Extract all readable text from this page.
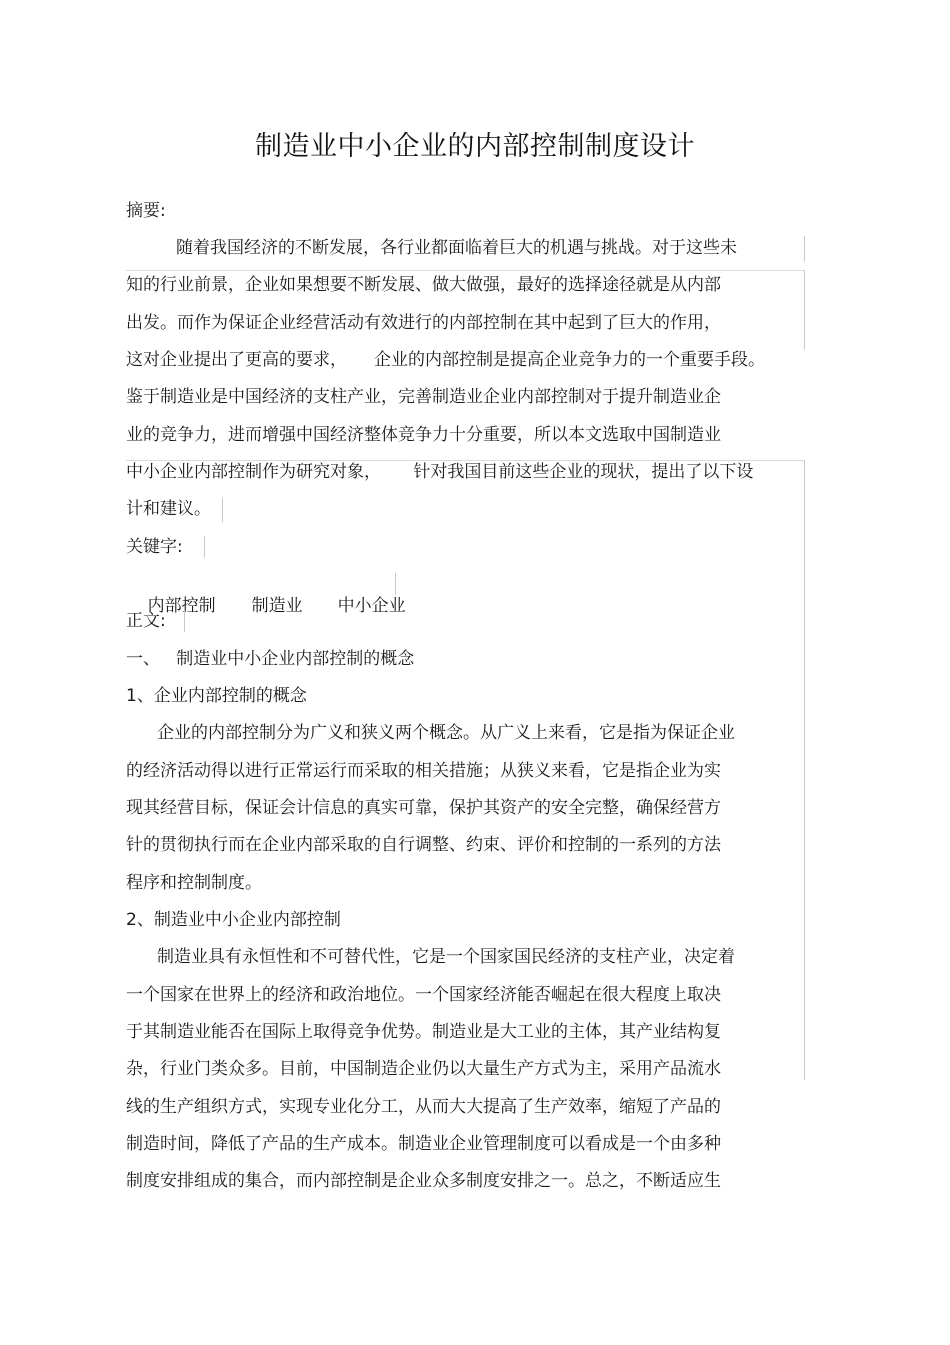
制造业中小企业的内部控制制度设计
摘要:
随着我国经济的不断发展，各行业都面临着巨大的机遇与挑战。对于这些未
知的行业前景，企业如果想要不断发展、做大做强，最好的选择途径就是从内部
出发。而作为保证企业经营活动有效进行的内部控制在其中起到了巨大的作用，
这对企业提出了更高的要求，     企业的内部控制是提高企业竞争力的一个重要手段。
鉴于制造业是中国经济的支柱产业，完善制造业企业内部控制对于提升制造业企
业的竞争力，进而增强中国经济整体竞争力十分重要，所以本文选取中国制造业
中小企业内部控制作为研究对象，      针对我国目前这些企业的现状，提出了以下设
计和建议。
关键字:

内部控制 制造业 中小企业

正文:
一、   制造业中小企业内部控制的概念
1、企业内部控制的概念
企业的内部控制分为广义和狭义两个概念。从广义上来看，它是指为保证企业
的经济活动得以进行正常运行而采取的相关措施；从狭义来看，它是指企业为实
现其经营目标，保证会计信息的真实可靠，保护其资产的安全完整，确保经营方
针的贯彻执行而在企业内部采取的自行调整、约束、评价和控制的一系列的方法
程序和控制制度。
2、制造业中小企业内部控制
制造业具有永恒性和不可替代性，它是一个国家国民经济的支柱产业，决定着
一个国家在世界上的经济和政治地位。一个国家经济能否崛起在很大程度上取决
于其制造业能否在国际上取得竞争优势。制造业是大工业的主体，其产业结构复
杂，行业门类众多。目前，中国制造企业仍以大量生产方式为主，采用产品流水
线的生产组织方式，实现专业化分工，从而大大提高了生产效率，缩短了产品的
制造时间，降低了产品的生产成本。制造业企业管理制度可以看成是一个由多种
制度安排组成的集合，而内部控制是企业众多制度安排之一。总之，不断适应生
